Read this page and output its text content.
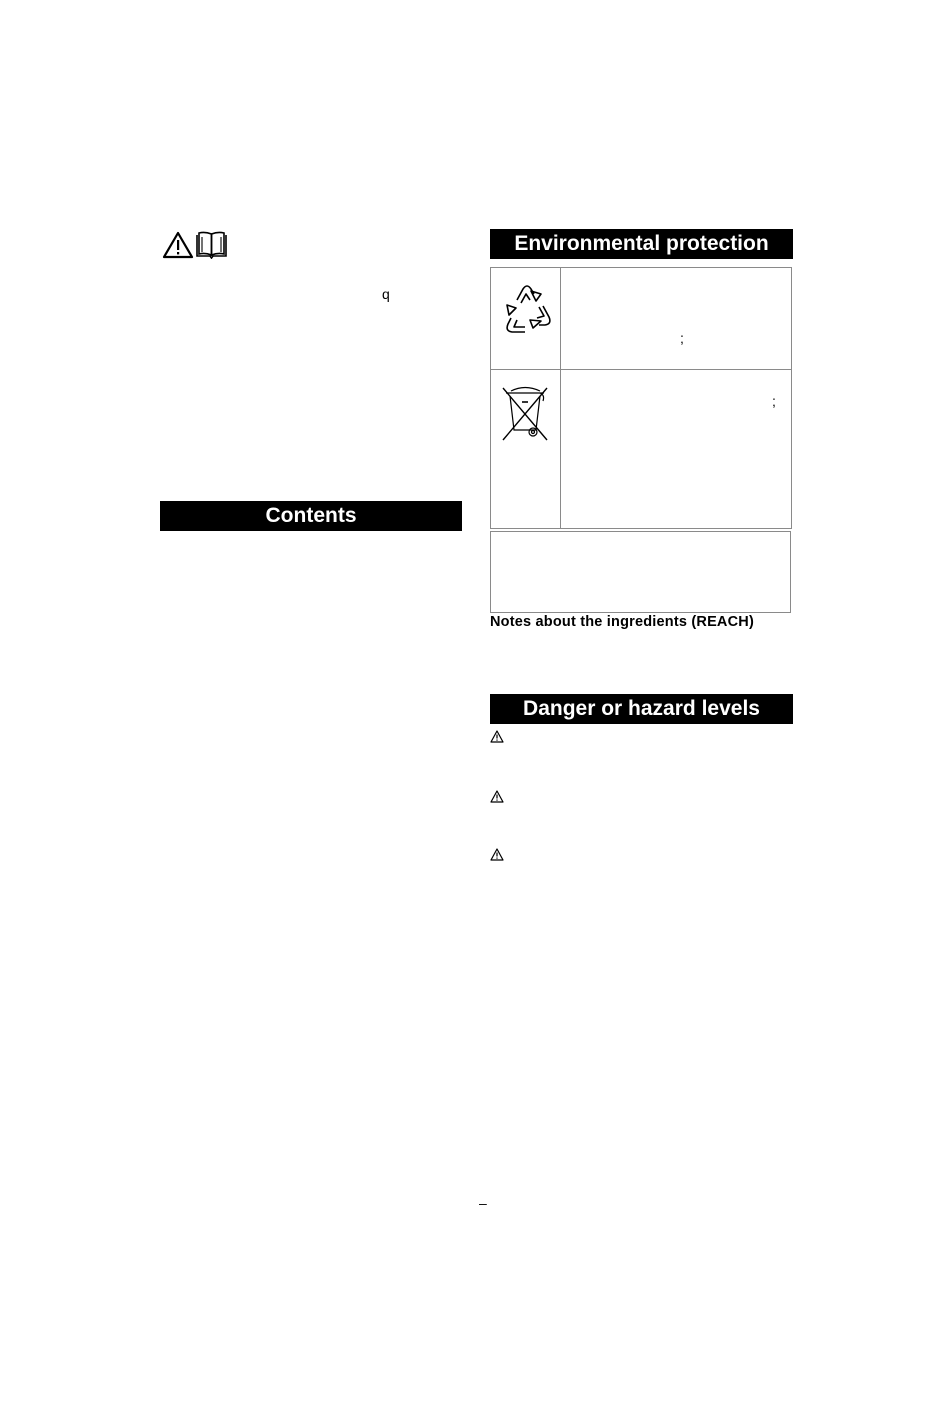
q
Contents
Environmental protection
;
;
Notes about the ingredients (REACH)
Danger or hazard levels
–
